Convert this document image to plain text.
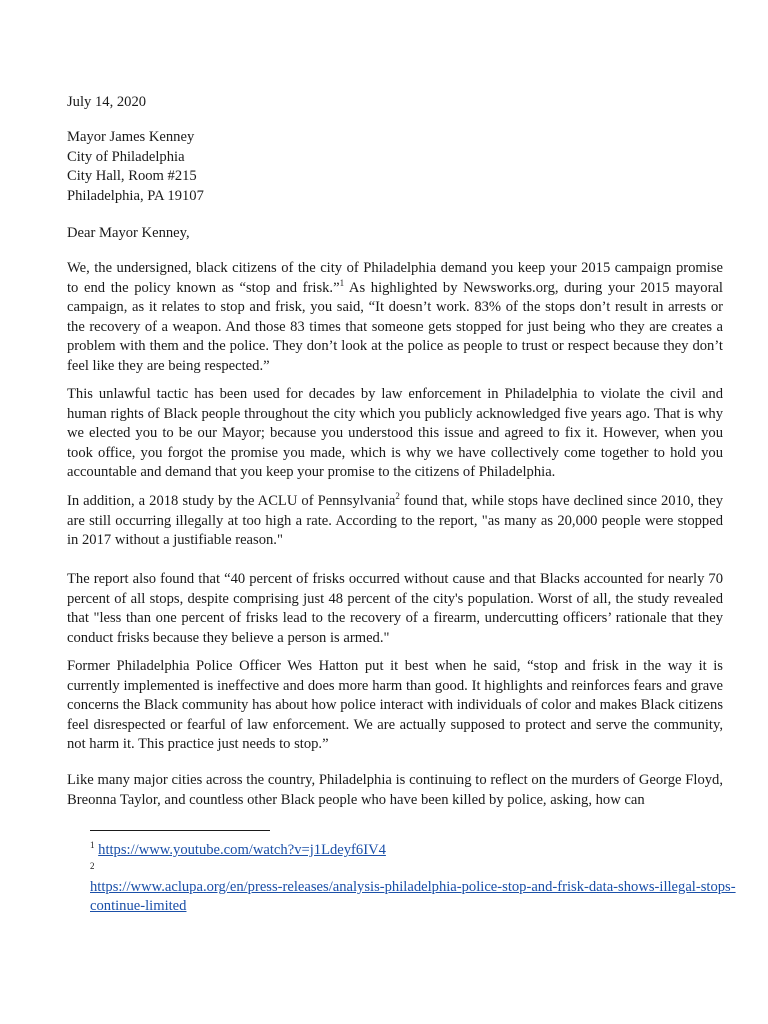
July 14, 2020
Mayor James Kenney
City of Philadelphia
City Hall, Room #215
Philadelphia, PA 19107
Dear Mayor Kenney,
We, the undersigned, black citizens of the city of Philadelphia demand you keep your 2015 campaign promise to end the policy known as “stop and frisk.”$^1$ As highlighted by Newsworks.org, during your 2015 mayoral campaign, as it relates to stop and frisk, you said, “It doesn’t work. 83% of the stops don’t result in arrests or the recovery of a weapon. And those 83 times that someone gets stopped for just being who they are creates a problem with them and the police. They don’t look at the police as people to trust or respect because they don’t feel like they are being respected.”
This unlawful tactic has been used for decades by law enforcement in Philadelphia to violate the civil and human rights of Black people throughout the city which you publicly acknowledged five years ago. That is why we elected you to be our Mayor; because you understood this issue and agreed to fix it. However, when you took office, you forgot the promise you made, which is why we have collectively come together to hold you accountable and demand that you keep your promise to the citizens of Philadelphia.
In addition, a 2018 study by the ACLU of Pennsylvania$^2$ found that, while stops have declined since 2010, they are still occurring illegally at too high a rate. According to the report, "as many as 20,000 people were stopped in 2017 without a justifiable reason."
The report also found that “40 percent of frisks occurred without cause and that Blacks accounted for nearly 70 percent of all stops, despite comprising just 48 percent of the city's population. Worst of all, the study revealed that "less than one percent of frisks lead to the recovery of a firearm, undercutting officers’ rationale that they conduct frisks because they believe a person is armed."
Former Philadelphia Police Officer Wes Hatton put it best when he said, “stop and frisk in the way it is currently implemented is ineffective and does more harm than good. It highlights and reinforces fears and grave concerns the Black community has about how police interact with individuals of color and makes Black citizens feel disrespected or fearful of law enforcement. We are actually supposed to protect and serve the community, not harm it. This practice just needs to stop.”
Like many major cities across the country, Philadelphia is continuing to reflect on the murders of George Floyd, Breonna Taylor, and countless other Black people who have been killed by police, asking, how can
$^1$ https://www.youtube.com/watch?v=j1Ldeyf6IV4
2
https://www.aclupa.org/en/press-releases/analysis-philadelphia-police-stop-and-frisk-data-shows-illegal-stops-continue-limited
